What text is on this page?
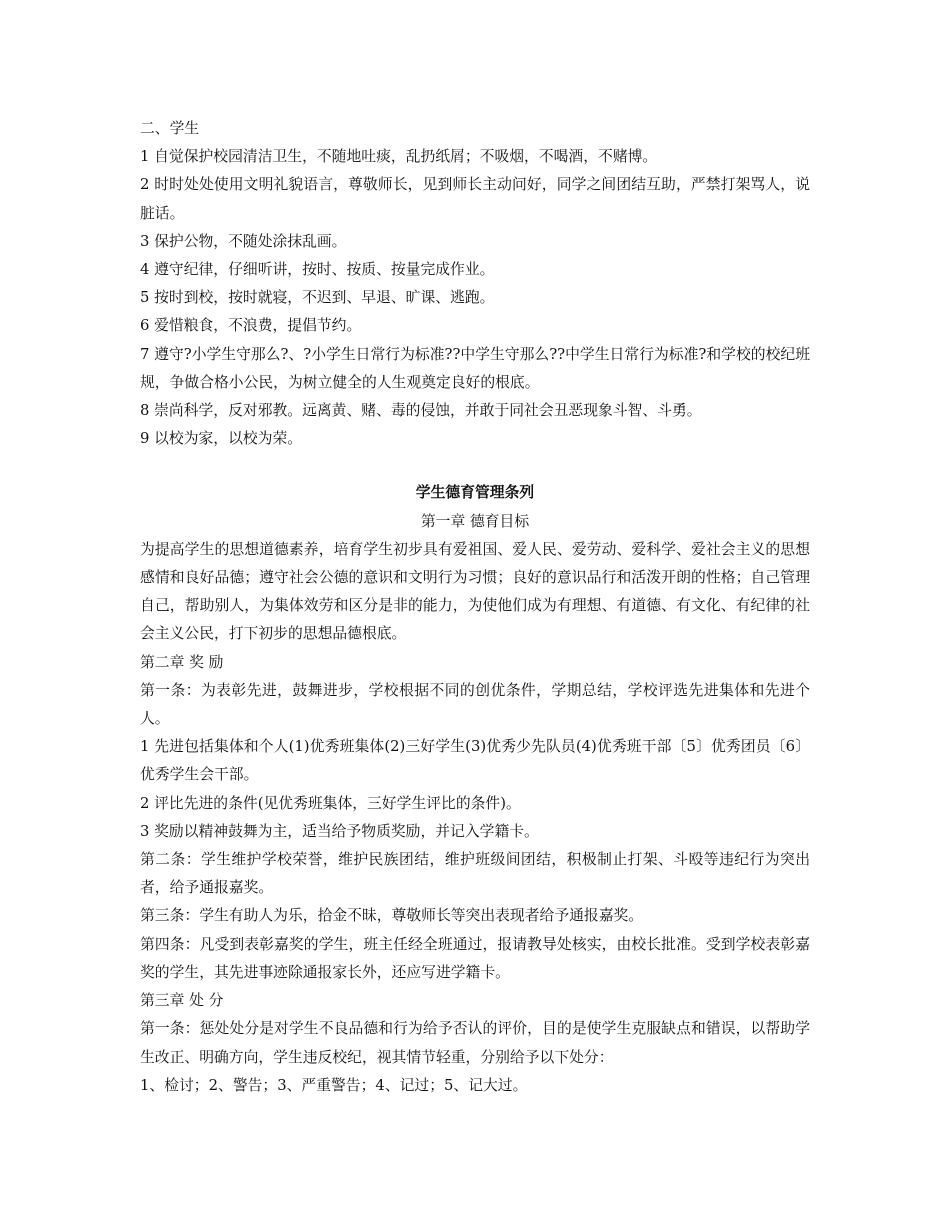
二、学生

1 自觉保护校园清洁卫生，不随地吐痰，乱扔纸屑；不吸烟，不喝酒，不赌博。

2 时时处处使用文明礼貌语言，尊敬师长，见到师长主动问好，同学之间团结互助，严禁打架骂人，说脏话。

3 保护公物，不随处涂抹乱画。

4 遵守纪律，仔细听讲，按时、按质、按量完成作业。

5 按时到校，按时就寝，不迟到、早退、旷课、逃跑。

6 爱惜粮食，不浪费，提倡节约。

7 遵守?小学生守那么?、?小学生日常行为标准??中学生守那么??中学生日常行为标准?和学校的校纪班规，争做合格小公民，为树立健全的人生观奠定良好的根底。

8 崇尚科学，反对邪教。远离黄、赌、毒的侵蚀，并敢于同社会丑恶现象斗智、斗勇。

9 以校为家，以校为荣。

学生德育管理条列

第一章 德育目标

为提高学生的思想道德素养，培育学生初步具有爱祖国、爱人民、爱劳动、爱科学、爱社会主义的思想感情和良好品德；遵守社会公德的意识和文明行为习惯；良好的意识品行和活泼开朗的性格；自己管理自己，帮助别人，为集体效劳和区分是非的能力，为使他们成为有理想、有道德、有文化、有纪律的社会主义公民，打下初步的思想品德根底。

第二章 奖 励

第一条：为表彰先进，鼓舞进步，学校根据不同的创优条件，学期总结，学校评选先进集体和先进个人。

1 先进包括集体和个人(1)优秀班集体(2)三好学生(3)优秀少先队员(4)优秀班干部〔5〕优秀团员〔6〕优秀学生会干部。

2 评比先进的条件(见优秀班集体，三好学生评比的条件)。

3 奖励以精神鼓舞为主，适当给予物质奖励，并记入学籍卡。

第二条：学生维护学校荣誉，维护民族团结，维护班级间团结，积极制止打架、斗殴等违纪行为突出者，给予通报嘉奖。

第三条：学生有助人为乐，拾金不昧，尊敬师长等突出表现者给予通报嘉奖。

第四条：凡受到表彰嘉奖的学生，班主任经全班通过，报请教导处核实，由校长批准。受到学校表彰嘉奖的学生，其先进事迹除通报家长外，还应写进学籍卡。

第三章 处 分

第一条：惩处处分是对学生不良品德和行为给予否认的评价，目的是使学生克服缺点和错误，以帮助学生改正、明确方向，学生违反校纪，视其情节轻重，分别给予以下处分：

1、检讨；2、警告；3、严重警告；4、记过；5、记大过。
